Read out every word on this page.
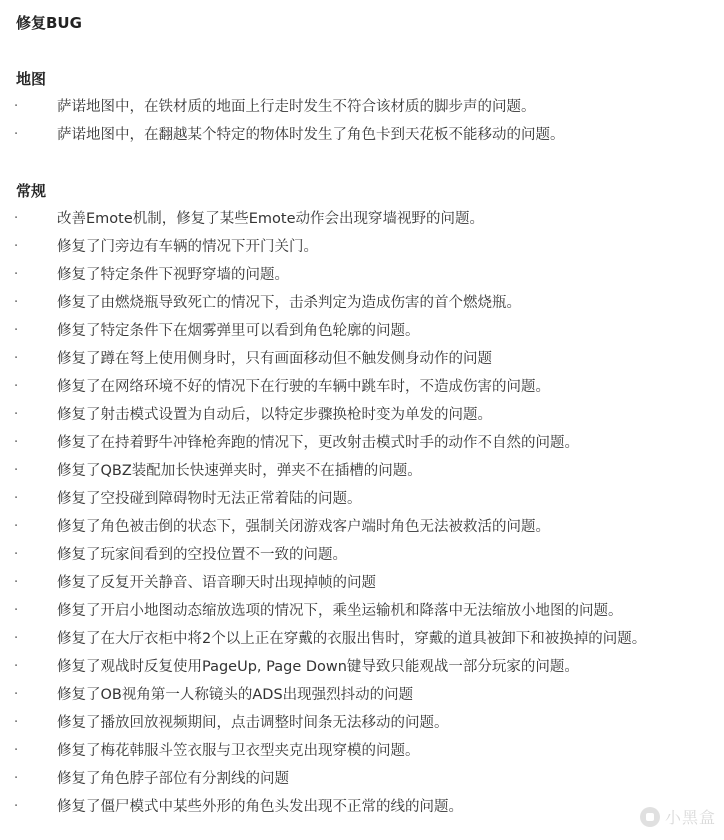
修复BUG
地图
·	萨诺地图中，在铁材质的地面上行走时发生不符合该材质的脚步声的问题。
·	萨诺地图中，在翻越某个特定的物体时发生了角色卡到天花板不能移动的问题。
常规
·	改善Emote机制，修复了某些Emote动作会出现穿墙视野的问题。
·	修复了门旁边有车辆的情况下开门关门。
·	修复了特定条件下视野穿墙的问题。
·	修复了由燃烧瓶导致死亡的情况下，击杀判定为造成伤害的首个燃烧瓶。
·	修复了特定条件下在烟雾弹里可以看到角色轮廓的问题。
·	修复了蹲在弩上使用侧身时，只有画面移动但不触发侧身动作的问题
·	修复了在网络环境不好的情况下在行驶的车辆中跳车时，不造成伤害的问题。
·	修复了射击模式设置为自动后，以特定步骤换枪时变为单发的问题。
·	修复了在持着野牛冲锋枪奔跑的情况下，更改射击模式时手的动作不自然的问题。
·	修复了QBZ装配加长快速弹夹时，弹夹不在插槽的问题。
·	修复了空投碰到障碍物时无法正常着陆的问题。
·	修复了角色被击倒的状态下，强制关闭游戏客户端时角色无法被救活的问题。
·	修复了玩家间看到的空投位置不一致的问题。
·	修复了反复开关静音、语音聊天时出现掉帧的问题
·	修复了开启小地图动态缩放选项的情况下，乘坐运输机和降落中无法缩放小地图的问题。
·	修复了在大厅衣柜中将2个以上正在穿戴的衣服出售时，穿戴的道具被卸下和被换掉的问题。
·	修复了观战时反复使用PageUp, Page Down键导致只能观战一部分玩家的问题。
·	修复了OB视角第一人称镜头的ADS出现强烈抖动的问题
·	修复了播放回放视频期间，点击调整时间条无法移动的问题。
·	修复了梅花韩服斗笠衣服与卫衣型夹克出现穿模的问题。
·	修复了角色脖子部位有分割线的问题
·	修复了僵尸模式中某些外形的角色头发出现不正常的线的问题。
小黑盒
